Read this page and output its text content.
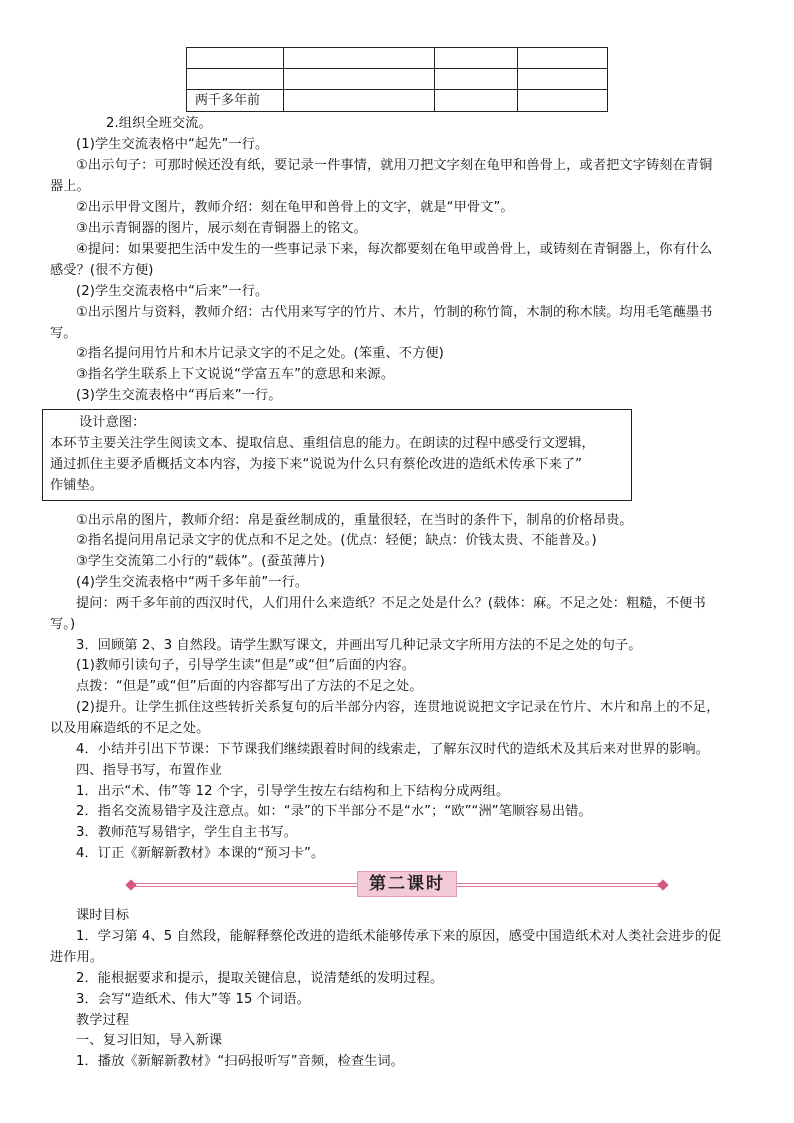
两千多年前			
2.组织全班交流。
(1)学生交流表格中“起先”一行。
①出示句子：可那时候还没有纸，要记录一件事情，就用刀把文字刻在龟甲和兽骨上，或者把文字铸刻在青铜
器上。
②出示甲骨文图片，教师介绍：刻在龟甲和兽骨上的文字，就是“甲骨文”。
③出示青铜器的图片，展示刻在青铜器上的铭文。
④提问：如果要把生活中发生的一些事记录下来，每次都要刻在龟甲或兽骨上，或铸刻在青铜器上，你有什么
感受？(很不方便)
(2)学生交流表格中“后来”一行。
①出示图片与资料，教师介绍：古代用来写字的竹片、木片，竹制的称竹简，木制的称木牍。均用毛笔蘸墨书
写。
②指名提问用竹片和木片记录文字的不足之处。(笨重、不方便)
③指名学生联系上下文说说“学富五车”的意思和来源。
(3)学生交流表格中“再后来”一行。
设计意图：
本环节主要关注学生阅读文本、提取信息、重组信息的能力。在朗读的过程中感受行文逻辑，
通过抓住主要矛盾概括文本内容，为接下来“说说为什么只有蔡伦改进的造纸术传承下来了”
作铺垫。
①出示帛的图片，教师介绍：帛是蚕丝制成的，重量很轻，在当时的条件下，制帛的价格昂贵。
②指名提问用帛记录文字的优点和不足之处。(优点：轻便；缺点：价钱太贵、不能普及。)
③学生交流第二小行的“载体”。(蚕茧薄片)
(4)学生交流表格中“两千多年前”一行。
提问：两千多年前的西汉时代，人们用什么来造纸？不足之处是什么？(载体：麻。不足之处：粗糙，不便书
写。)
3．回顾第 2、3 自然段。请学生默写课文，并画出写几种记录文字所用方法的不足之处的句子。
(1)教师引读句子，引导学生读“但是”或“但”后面的内容。
点拨：“但是”或“但”后面的内容都写出了方法的不足之处。
(2)提升。让学生抓住这些转折关系复句的后半部分内容，连贯地说说把文字记录在竹片、木片和帛上的不足，
以及用麻造纸的不足之处。
4．小结并引出下节课：下节课我们继续跟着时间的线索走，了解东汉时代的造纸术及其后来对世界的影响。
四、指导书写，布置作业
1．出示“术、伟”等 12 个字，引导学生按左右结构和上下结构分成两组。
2．指名交流易错字及注意点。如：“录”的下半部分不是“水”；“欧”“洲”笔顺容易出错。
3．教师范写易错字，学生自主书写。
4．订正《新解新教材》本课的“预习卡”。
第二课时
课时目标
1．学习第 4、5 自然段，能解释蔡伦改进的造纸术能够传承下来的原因，感受中国造纸术对人类社会进步的促
进作用。
2．能根据要求和提示，提取关键信息，说清楚纸的发明过程。
3．会写“造纸术、伟大”等 15 个词语。
教学过程
一、复习旧知，导入新课
1．播放《新解新教材》“扫码报听写”音频，检查生词。
